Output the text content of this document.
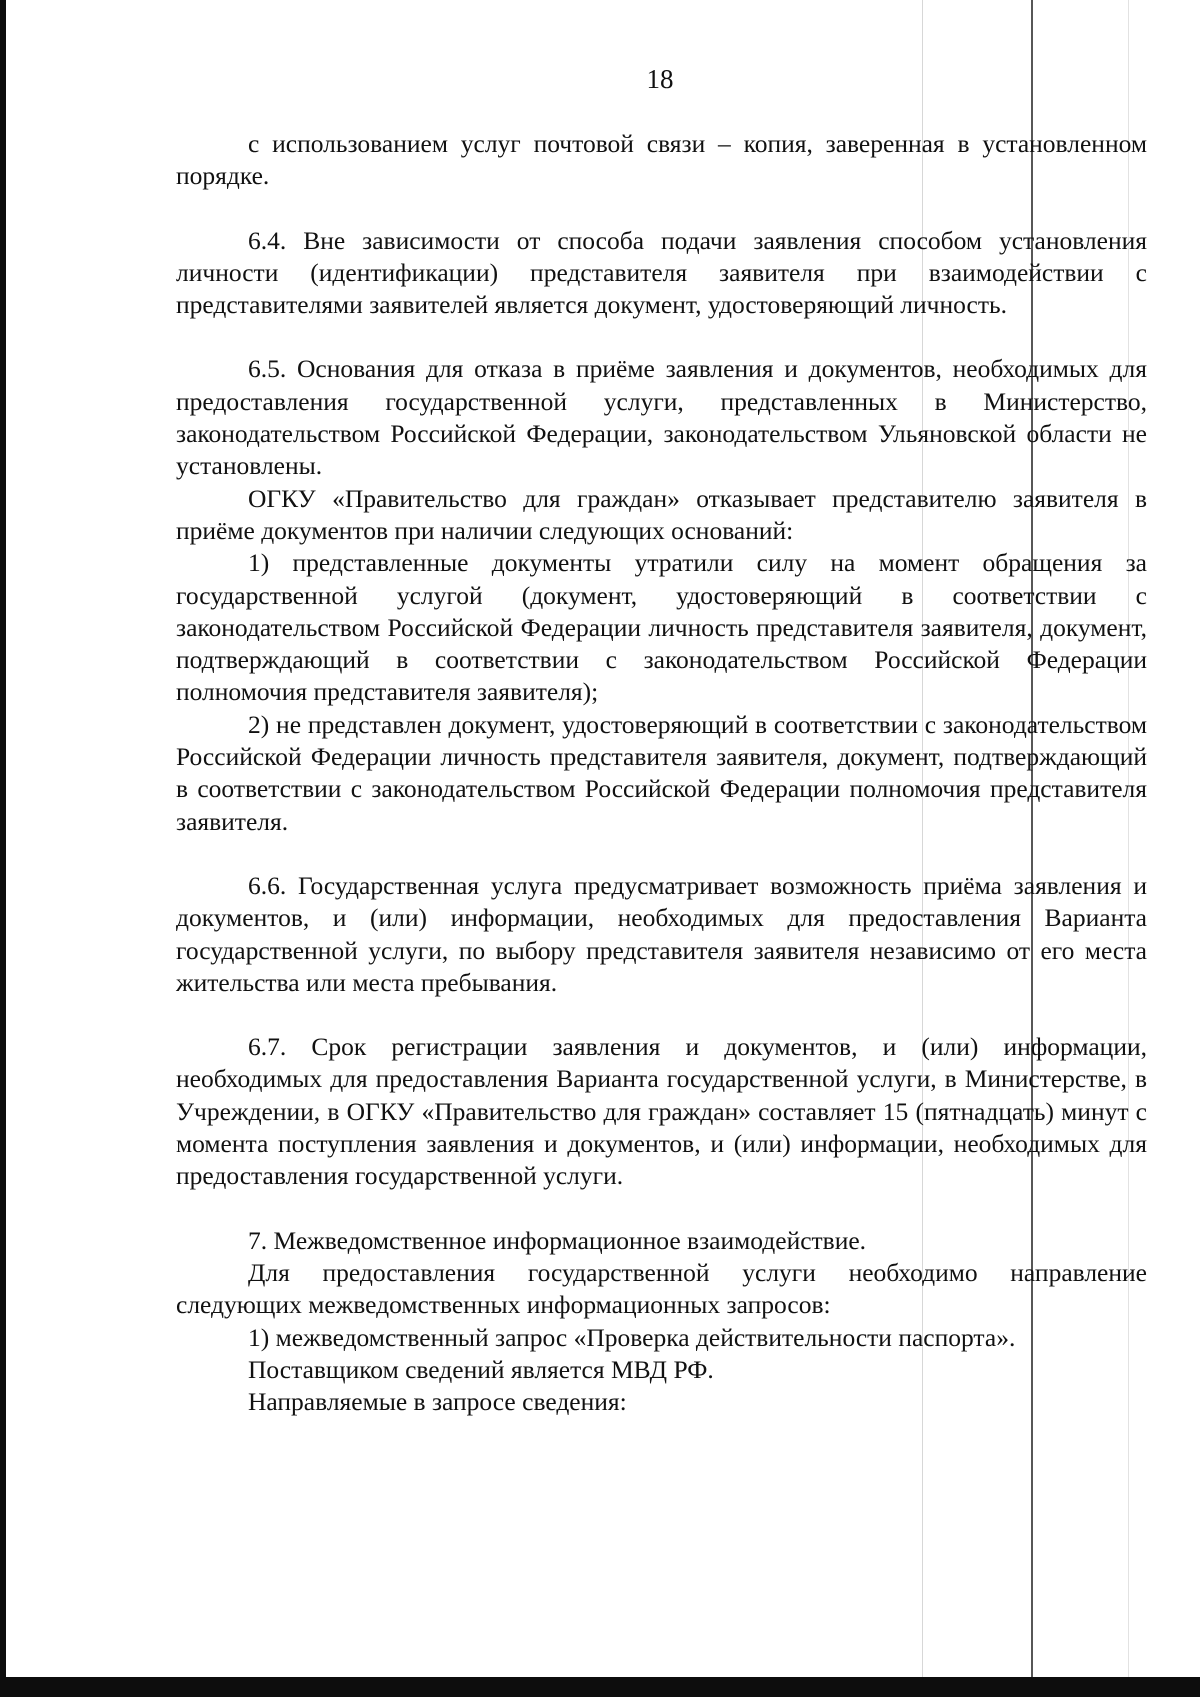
18

с использованием услуг почтовой связи – копия, заверенная в установленном порядке.

6.4. Вне зависимости от способа подачи заявления способом установления личности (идентификации) представителя заявителя при взаимодействии с представителями заявителей является документ, удостоверяющий личность.

6.5. Основания для отказа в приёме заявления и документов, необходимых для предоставления государственной услуги, представленных в Министерство, законодательством Российской Федерации, законодательством Ульяновской области не установлены.

ОГКУ «Правительство для граждан» отказывает представителю заявителя в приёме документов при наличии следующих оснований:

1) представленные документы утратили силу на момент обращения за государственной услугой (документ, удостоверяющий в соответствии с законодательством Российской Федерации личность представителя заявителя, документ, подтверждающий в соответствии с законодательством Российской Федерации полномочия представителя заявителя);

2) не представлен документ, удостоверяющий в соответствии с законодательством Российской Федерации личность представителя заявителя, документ, подтверждающий в соответствии с законодательством Российской Федерации полномочия представителя заявителя.

6.6. Государственная услуга предусматривает возможность приёма заявления и документов, и (или) информации, необходимых для предоставления Варианта государственной услуги, по выбору представителя заявителя независимо от его места жительства или места пребывания.

6.7. Срок регистрации заявления и документов, и (или) информации, необходимых для предоставления Варианта государственной услуги, в Министерстве, в Учреждении, в ОГКУ «Правительство для граждан» составляет 15 (пятнадцать) минут с момента поступления заявления и документов, и (или) информации, необходимых для предоставления государственной услуги.

7. Межведомственное информационное взаимодействие.

Для предоставления государственной услуги необходимо направление следующих межведомственных информационных запросов:

1) межведомственный запрос «Проверка действительности паспорта».

Поставщиком сведений является МВД РФ.

Направляемые в запросе сведения:
